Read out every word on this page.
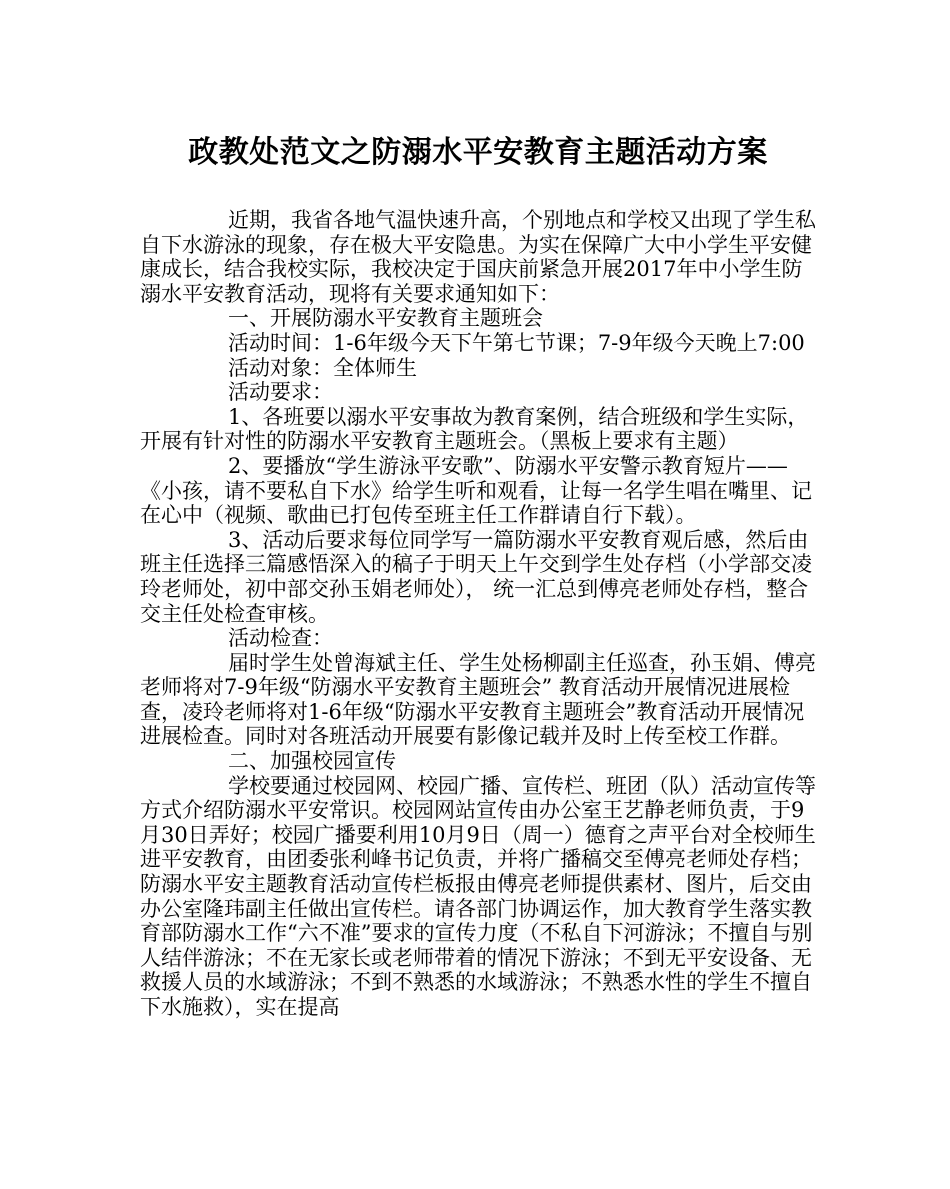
政教处范文之防溺水平安教育主题活动方案

近期，我省各地气温快速升高，个别地点和学校又出现了学生私自下水游泳的现象，存在极大平安隐患。为实在保障广大中小学生平安健康成长，结合我校实际，我校决定于国庆前紧急开展2017年中小学生防溺水平安教育活动，现将有关要求通知如下：

一、开展防溺水平安教育主题班会

活动时间：1-6年级今天下午第七节课；7-9年级今天晚上7:00

活动对象：全体师生

活动要求：

1、各班要以溺水平安事故为教育案例，结合班级和学生实际，开展有针对性的防溺水平安教育主题班会。（黑板上要求有主题）

2、要播放“学生游泳平安歌”、防溺水平安警示教育短片——《小孩，请不要私自下水》给学生听和观看，让每一名学生唱在嘴里、记在心中（视频、歌曲已打包传至班主任工作群请自行下载）。

3、活动后要求每位同学写一篇防溺水平安教育观后感，然后由班主任选择三篇感悟深入的稿子于明天上午交到学生处存档（小学部交凌玲老师处，初中部交孙玉娟老师处）， 统一汇总到傅亮老师处存档，整合交主任处检查审核。

活动检查：

届时学生处曾海斌主任、学生处杨柳副主任巡查，孙玉娟、傅亮老师将对7-9年级“防溺水平安教育主题班会” 教育活动开展情况进展检查，凌玲老师将对1-6年级“防溺水平安教育主题班会”教育活动开展情况进展检查。同时对各班活动开展要有影像记载并及时上传至校工作群。

二、加强校园宣传

学校要通过校园网、校园广播、宣传栏、班团（队）活动宣传等方式介绍防溺水平安常识。校园网站宣传由办公室王艺静老师负责，于9月30日弄好；校园广播要利用10月9日（周一）德育之声平台对全校师生进平安教育，由团委张利峰书记负责，并将广播稿交至傅亮老师处存档；防溺水平安主题教育活动宣传栏板报由傅亮老师提供素材、图片，后交由办公室隆玮副主任做出宣传栏。请各部门协调运作，加大教育学生落实教育部防溺水工作“六不准”要求的宣传力度（不私自下河游泳；不擅自与别人结伴游泳；不在无家长或老师带着的情况下游泳；不到无平安设备、无救援人员的水域游泳；不到不熟悉的水域游泳；不熟悉水性的学生不擅自下水施救），实在提高
